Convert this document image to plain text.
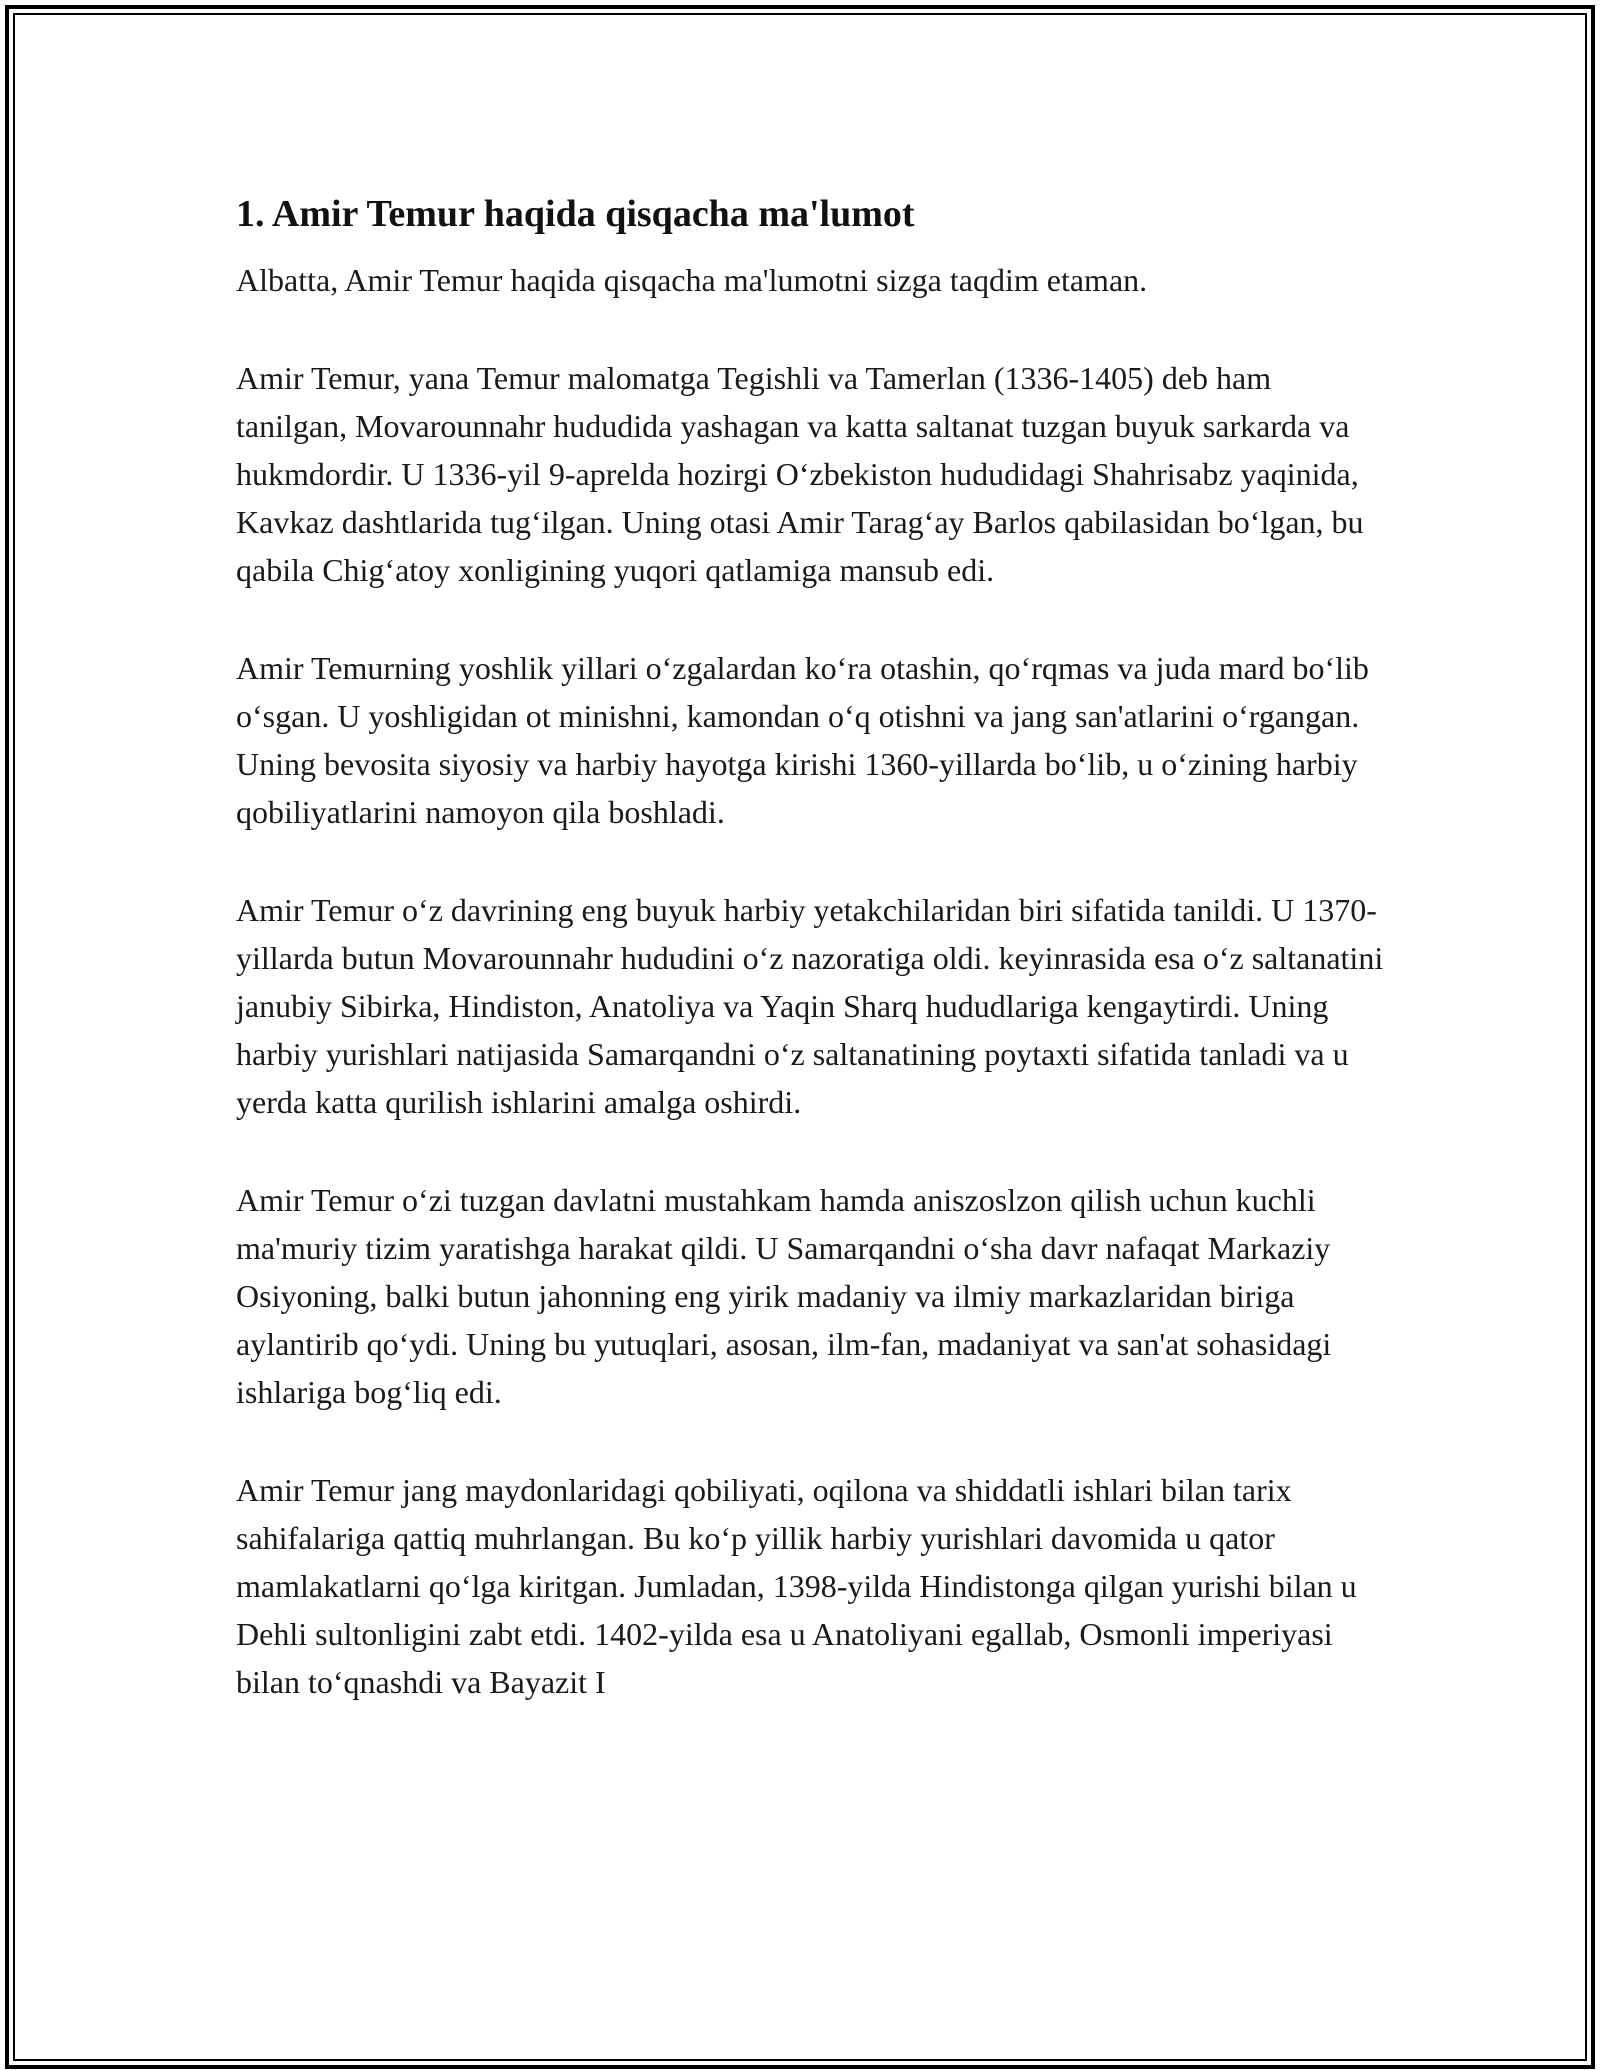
1. Amir Temur haqida qisqacha ma'lumot

Albatta, Amir Temur haqida qisqacha ma'lumotni sizga taqdim etaman.

Amir Temur, yana Temur malomatga Tegishli va Tamerlan (1336-1405) deb ham tanilgan, Movarounnahr hududida yashagan va katta saltanat tuzgan buyuk sarkarda va hukmdordir. U 1336-yil 9-aprelda hozirgi O‘zbekiston hududidagi Shahrisabz yaqinida, Kavkaz dashtlarida tug‘ilgan. Uning otasi Amir Tarag‘ay Barlos qabilasidan bo‘lgan, bu qabila Chig‘atoy xonligining yuqori qatlamiga mansub edi.

Amir Temurning yoshlik yillari o‘zgalardan ko‘ra otashin, qo‘rqmas va juda mard bo‘lib o‘sgan. U yoshligidan ot minishni, kamondan o‘q otishni va jang san'atlarini o‘rgangan. Uning bevosita siyosiy va harbiy hayotga kirishi 1360-yillarda bo‘lib, u o‘zining harbiy qobiliyatlarini namoyon qila boshladi.

Amir Temur o‘z davrining eng buyuk harbiy yetakchilaridan biri sifatida tanildi. U 1370-yillarda butun Movarounnahr hududini o‘z nazoratiga oldi. keyinrasida esa o‘z saltanatini janubiy Sibirka, Hindiston, Anatoliya va Yaqin Sharq hududlariga kengaytirdi. Uning harbiy yurishlari natijasida Samarqandni o‘z saltanatining poytaxti sifatida tanladi va u yerda katta qurilish ishlarini amalga oshirdi.

Amir Temur o‘zi tuzgan davlatni mustahkam hamda aniszoslzon qilish uchun kuchli ma'muriy tizim yaratishga harakat qildi. U Samarqandni o‘sha davr nafaqat Markaziy Osiyoning, balki butun jahonning eng yirik madaniy va ilmiy markazlaridan biriga aylantirib qo‘ydi. Uning bu yutuqlari, asosan, ilm-fan, madaniyat va san'at sohasidagi ishlariga bog‘liq edi.

Amir Temur jang maydonlaridagi qobiliyati, oqilona va shiddatli ishlari bilan tarix sahifalariga qattiq muhrlangan. Bu ko‘p yillik harbiy yurishlari davomida u qator mamlakatlarni qo‘lga kiritgan. Jumladan, 1398-yilda Hindistonga qilgan yurishi bilan u Dehli sultonligini zabt etdi. 1402-yilda esa u Anatoliyani egallab, Osmonli imperiyasi bilan to‘qnashdi va Bayazit I
